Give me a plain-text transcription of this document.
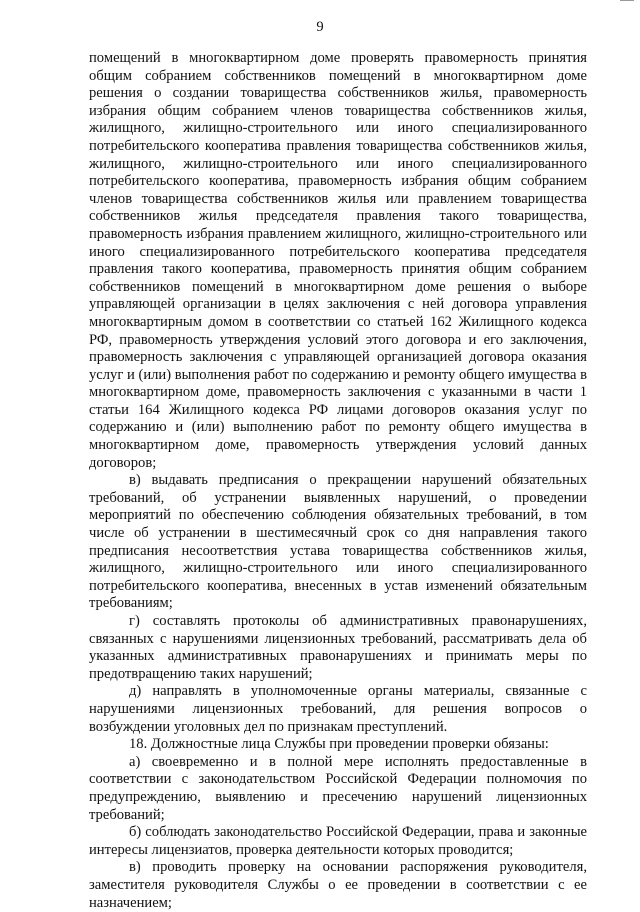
9

помещений в многоквартирном доме проверять правомерность принятия общим собранием собственников помещений в многоквартирном доме решения о создании товарищества собственников жилья, правомерность избрания общим собранием членов товарищества собственников жилья, жилищного, жилищно-строительного или иного специализированного потребительского кооператива правления товарищества собственников жилья, жилищного, жилищно-строительного или иного специализированного потребительского кооператива, правомерность избрания общим собранием членов товарищества собственников жилья или правлением товарищества собственников жилья председателя правления такого товарищества, правомерность избрания правлением жилищного, жилищно-строительного или иного специализированного потребительского кооператива председателя правления такого кооператива, правомерность принятия общим собранием собственников помещений в многоквартирном доме решения о выборе управляющей организации в целях заключения с ней договора управления многоквартирным домом в соответствии со статьей 162 Жилищного кодекса РФ, правомерность утверждения условий этого договора и его заключения, правомерность заключения с управляющей организацией договора оказания услуг и (или) выполнения работ по содержанию и ремонту общего имущества в многоквартирном доме, правомерность заключения с указанными в части 1 статьи 164 Жилищного кодекса РФ лицами договоров оказания услуг по содержанию и (или) выполнению работ по ремонту общего имущества в многоквартирном доме, правомерность утверждения условий данных договоров;

в) выдавать предписания о прекращении нарушений обязательных требований, об устранении выявленных нарушений, о проведении мероприятий по обеспечению соблюдения обязательных требований, в том числе об устранении в шестимесячный срок со дня направления такого предписания несоответствия устава товарищества собственников жилья, жилищного, жилищно-строительного или иного специализированного потребительского кооператива, внесенных в устав изменений обязательным требованиям;

г) составлять протоколы об административных правонарушениях, связанных с нарушениями лицензионных требований, рассматривать дела об указанных административных правонарушениях и принимать меры по предотвращению таких нарушений;

д) направлять в уполномоченные органы материалы, связанные с нарушениями лицензионных требований, для решения вопросов о возбуждении уголовных дел по признакам преступлений.

18. Должностные лица Службы при проведении проверки обязаны:

а) своевременно и в полной мере исполнять предоставленные в соответствии с законодательством Российской Федерации полномочия по предупреждению, выявлению и пресечению нарушений лицензионных требований;

б) соблюдать законодательство Российской Федерации, права и законные интересы лицензиатов, проверка деятельности которых проводится;

в) проводить проверку на основании распоряжения руководителя, заместителя руководителя Службы о ее проведении в соответствии с ее назначением;
